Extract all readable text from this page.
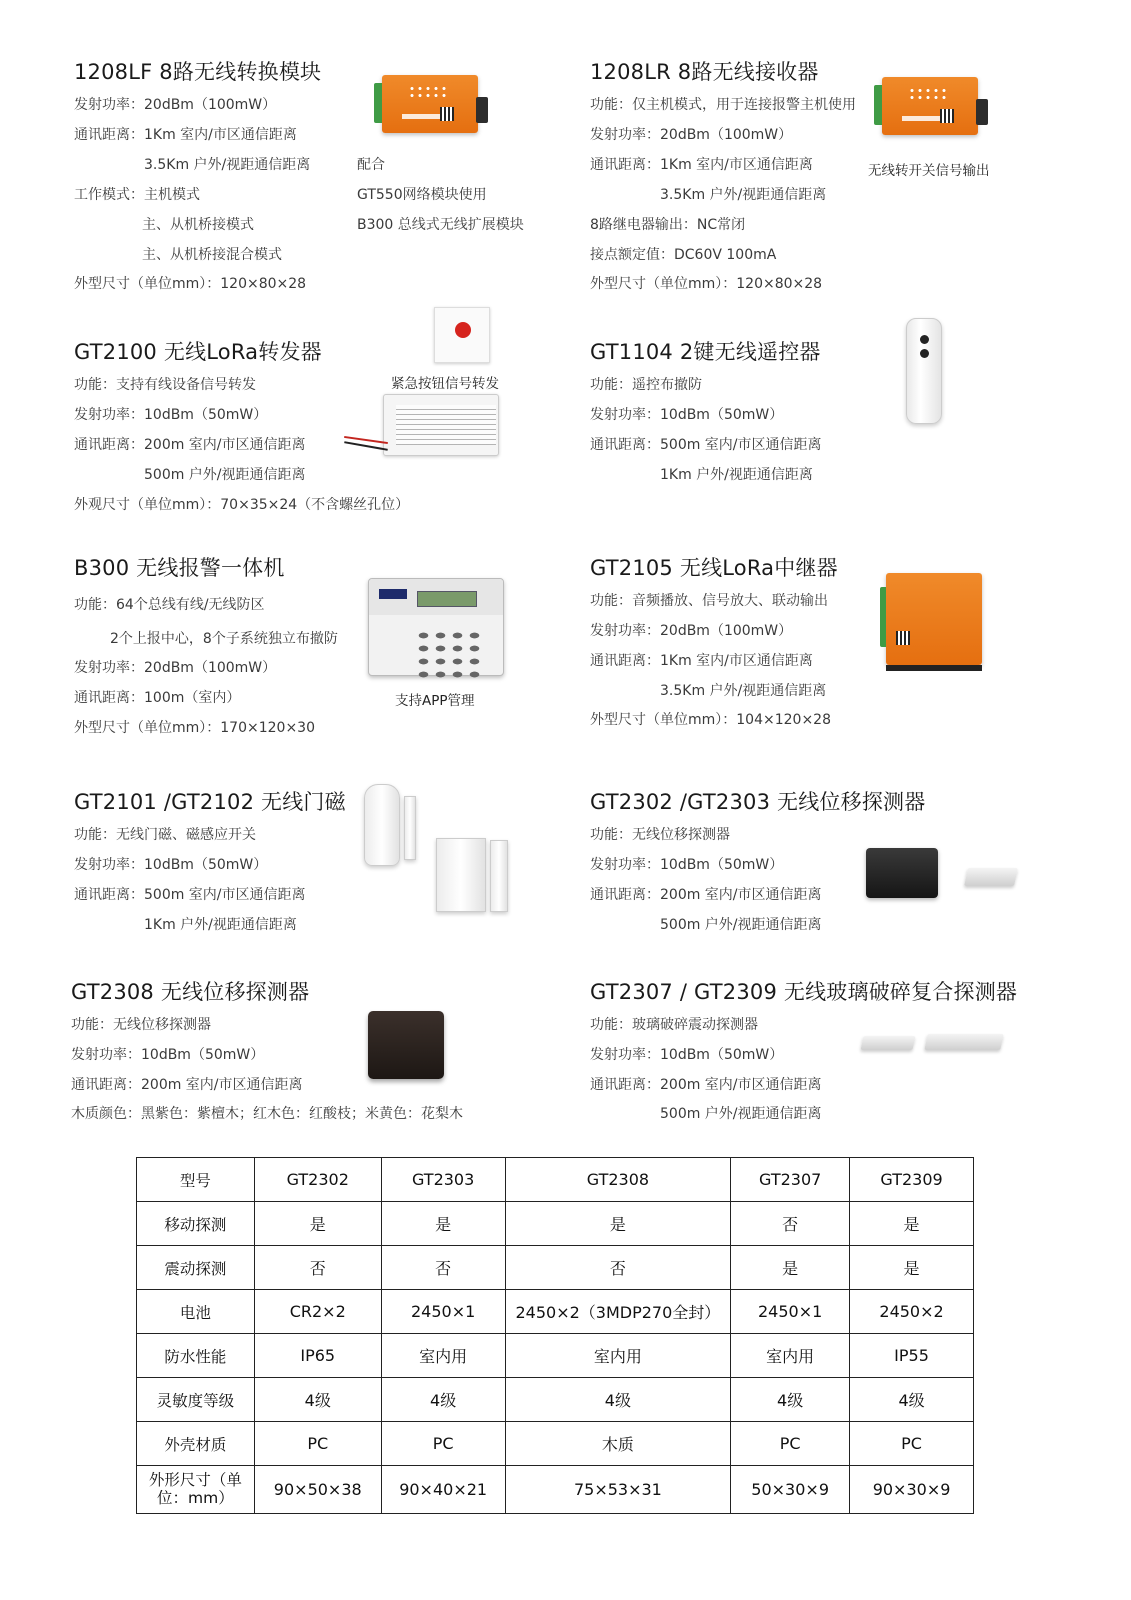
1208LF 8路无线转换模块
发射功率：20dBm（100mW）
通讯距离：1Km 室内/市区通信距离
3.5Km 户外/视距通信距离
工作模式：主机模式
主、从机桥接模式
主、从机桥接混合模式
外型尺寸（单位mm）：120×80×28
配合
GT550网络模块使用
B300 总线式无线扩展模块
1208LR 8路无线接收器
功能：仅主机模式，用于连接报警主机使用
发射功率：20dBm（100mW）
通讯距离：1Km 室内/市区通信距离
3.5Km 户外/视距通信距离
8路继电器输出：NC常闭
接点额定值：DC60V 100mA
外型尺寸（单位mm）：120×80×28
无线转开关信号输出
GT2100 无线LoRa转发器
功能：支持有线设备信号转发
发射功率：10dBm（50mW）
通讯距离：200m 室内/市区通信距离
500m 户外/视距通信距离
外观尺寸（单位mm）：70×35×24（不含螺丝孔位）
紧急按钮信号转发
GT1104 2键无线遥控器
功能：遥控布撤防
发射功率：10dBm（50mW）
通讯距离：500m 室内/市区通信距离
1Km 户外/视距通信距离
B300 无线报警一体机
功能：64个总线有线/无线防区
2个上报中心，8个子系统独立布撤防
发射功率：20dBm（100mW）
通讯距离：100m（室内）
外型尺寸（单位mm）：170×120×30
支持APP管理
GT2105 无线LoRa中继器
功能：音频播放、信号放大、联动输出
发射功率：20dBm（100mW）
通讯距离：1Km 室内/市区通信距离
3.5Km 户外/视距通信距离
外型尺寸（单位mm）：104×120×28
GT2101 /GT2102 无线门磁
功能：无线门磁、磁感应开关
发射功率：10dBm（50mW）
通讯距离：500m 室内/市区通信距离
1Km 户外/视距通信距离
GT2302 /GT2303 无线位移探测器
功能：无线位移探测器
发射功率：10dBm（50mW）
通讯距离：200m 室内/市区通信距离
500m 户外/视距通信距离
GT2308 无线位移探测器
功能：无线位移探测器
发射功率：10dBm（50mW）
通讯距离：200m 室内/市区通信距离
木质颜色：黑紫色：紫檀木；红木色：红酸枝；米黄色：花梨木
GT2307 / GT2309 无线玻璃破碎复合探测器
功能：玻璃破碎震动探测器
发射功率：10dBm（50mW）
通讯距离：200m 室内/市区通信距离
500m 户外/视距通信距离
型号	GT2302	GT2303	GT2308	GT2307	GT2309
移动探测	是	是	是	否	是
震动探测	否	否	否	是	是
电池	CR2×2	2450×1	2450×2（3MDP270全封）	2450×1	2450×2
防水性能	IP65	室内用	室内用	室内用	IP55
灵敏度等级	4级	4级	4级	4级	4级
外壳材质	PC	PC	木质	PC	PC
外形尺寸（单位：mm）	90×50×38	90×40×21	75×53×31	50×30×9	90×30×9
